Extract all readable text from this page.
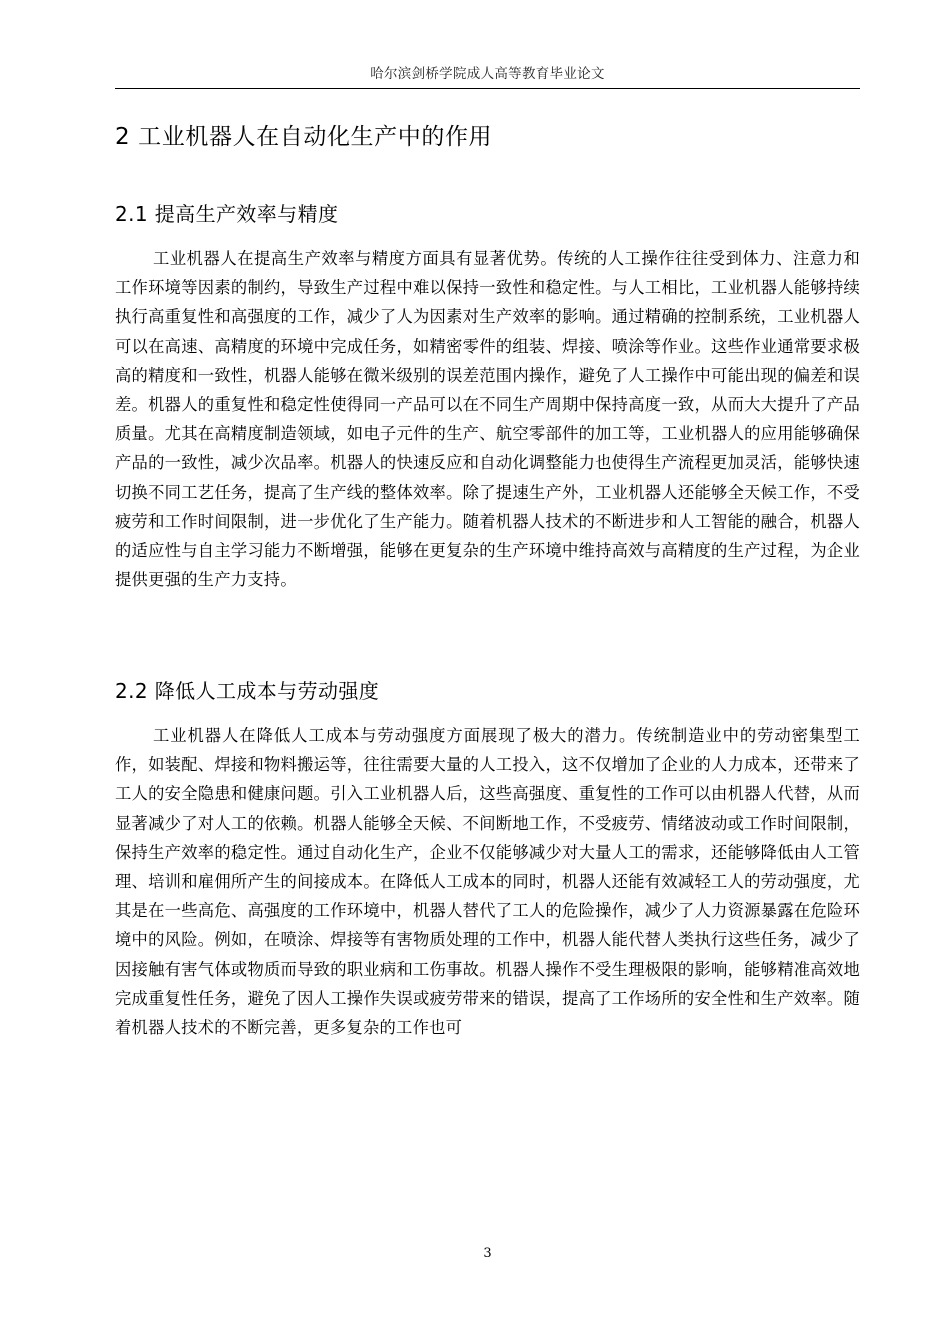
哈尔滨剑桥学院成人高等教育毕业论文
2 工业机器人在自动化生产中的作用
2.1 提高生产效率与精度

工业机器人在提高生产效率与精度方面具有显著优势。传统的人工操作往往受到体力、注意力和工作环境等因素的制约，导致生产过程中难以保持一致性和稳定性。与人工相比，工业机器人能够持续执行高重复性和高强度的工作，减少了人为因素对生产效率的影响。通过精确的控制系统，工业机器人可以在高速、高精度的环境中完成任务，如精密零件的组装、焊接、喷涂等作业。这些作业通常要求极高的精度和一致性，机器人能够在微米级别的误差范围内操作，避免了人工操作中可能出现的偏差和误差。机器人的重复性和稳定性使得同一产品可以在不同生产周期中保持高度一致，从而大大提升了产品质量。尤其在高精度制造领域，如电子元件的生产、航空零部件的加工等，工业机器人的应用能够确保产品的一致性，减少次品率。机器人的快速反应和自动化调整能力也使得生产流程更加灵活，能够快速切换不同工艺任务，提高了生产线的整体效率。除了提速生产外，工业机器人还能够全天候工作，不受疲劳和工作时间限制，进一步优化了生产能力。随着机器人技术的不断进步和人工智能的融合，机器人的适应性与自主学习能力不断增强，能够在更复杂的生产环境中维持高效与高精度的生产过程，为企业提供更强的生产力支持。

2.2 降低人工成本与劳动强度

工业机器人在降低人工成本与劳动强度方面展现了极大的潜力。传统制造业中的劳动密集型工作，如装配、焊接和物料搬运等，往往需要大量的人工投入，这不仅增加了企业的人力成本，还带来了工人的安全隐患和健康问题。引入工业机器人后，这些高强度、重复性的工作可以由机器人代替，从而显著减少了对人工的依赖。机器人能够全天候、不间断地工作，不受疲劳、情绪波动或工作时间限制，保持生产效率的稳定性。通过自动化生产，企业不仅能够减少对大量人工的需求，还能够降低由人工管理、培训和雇佣所产生的间接成本。在降低人工成本的同时，机器人还能有效减轻工人的劳动强度，尤其是在一些高危、高强度的工作环境中，机器人替代了工人的危险操作，减少了人力资源暴露在危险环境中的风险。例如，在喷涂、焊接等有害物质处理的工作中，机器人能代替人类执行这些任务，减少了因接触有害气体或物质而导致的职业病和工伤事故。机器人操作不受生理极限的影响，能够精准高效地完成重复性任务，避免了因人工操作失误或疲劳带来的错误，提高了工作场所的安全性和生产效率。随着机器人技术的不断完善，更多复杂的工作也可

3
